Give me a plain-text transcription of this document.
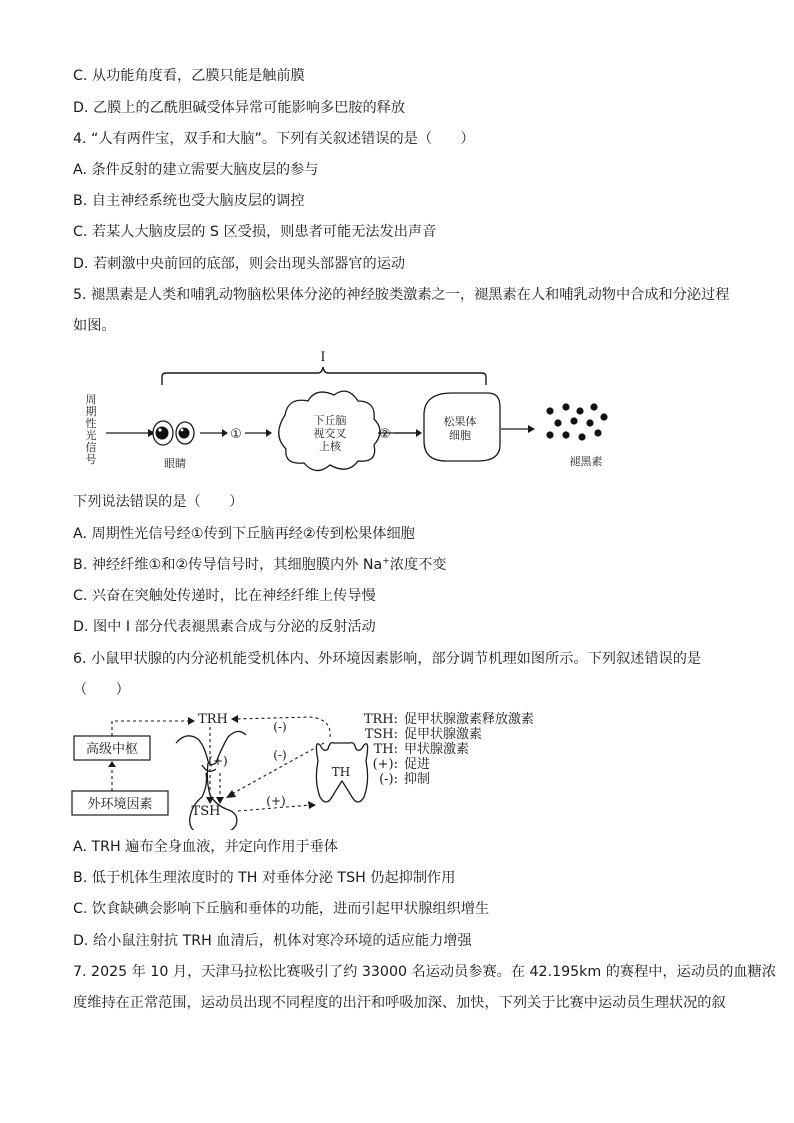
C. 从功能角度看，乙膜只能是触前膜
D. 乙膜上的乙酰胆碱受体异常可能影响多巴胺的释放
4. “人有两件宝，双手和大脑”。下列有关叙述错误的是（　　）
A. 条件反射的建立需要大脑皮层的参与
B. 自主神经系统也受大脑皮层的调控
C. 若某人大脑皮层的 S 区受损，则患者可能无法发出声音
D. 若刺激中央前回的底部，则会出现头部器官的运动
5. 褪黑素是人类和哺乳动物脑松果体分泌的神经胺类激素之一，褪黑素在人和哺乳动物中合成和分泌过程
如图。
I
周
期
性
光
信
号	眼睛
①
下丘脑
视交叉
上核
②
松果体
细胞
褪黑素
下列说法错误的是（　　）
A. 周期性光信号经①传到下丘脑再经②传到松果体细胞
B. 神经纤维①和②传导信号时，其细胞膜内外 Na+浓度不变
C. 兴奋在突触处传递时，比在神经纤维上传导慢
D. 图中 I 部分代表褪黑素合成与分泌的反射活动
6. 小鼠甲状腺的内分泌机能受机体内、外环境因素影响，部分调节机理如图所示。下列叙述错误的是
（　　）
高级中枢
外环境因素
TRH
(+)
TSH
(-)
(-)
(+)
TH
TRH: 促甲状腺激素释放激素
TSH: 促甲状腺激素
TH: 甲状腺激素
(+): 促进
(-): 抑制
A. TRH 遍布全身血液，并定向作用于垂体
B. 低于机体生理浓度时的 TH 对垂体分泌 TSH 仍起抑制作用
C. 饮食缺碘会影响下丘脑和垂体的功能，进而引起甲状腺组织增生
D. 给小鼠注射抗 TRH 血清后，机体对寒冷环境的适应能力增强
7. 2025 年 10 月，天津马拉松比赛吸引了约 33000 名运动员参赛。在 42.195km 的赛程中，运动员的血糖浓
度维持在正常范围，运动员出现不同程度的出汗和呼吸加深、加快，下列关于比赛中运动员生理状况的叙
